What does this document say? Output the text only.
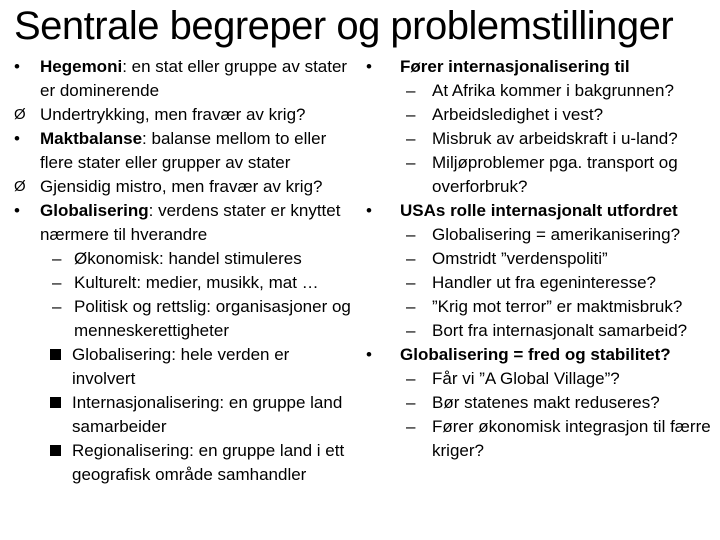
Sentrale begreper og problemstillinger
•	Hegemoni: en stat eller gruppe av stater er dominerende
Ø Undertrykking, men fravær av krig?
•	Maktbalanse: balanse mellom to eller flere stater eller grupper av stater
Ø Gjensidig mistro, men fravær av krig?
•	Globalisering: verdens stater er knyttet nærmere til hverandre
– Økonomisk: handel stimuleres
– Kulturelt: medier, musikk, mat …
– Politisk og rettslig: organisasjoner og menneskerettigheter
Globalisering: hele verden er involvert
Internasjonalisering: en gruppe land samarbeider
Regionalisering: en gruppe land i ett geografisk område samhandler
•	Fører internasjonalisering til
– At Afrika kommer i bakgrunnen?
– Arbeidsledighet i vest?
– Misbruk av arbeidskraft i u-land?
– Miljøproblemer pga. transport og overforbruk?
•	USAs rolle internasjonalt utfordret
– Globalisering = amerikanisering?
– Omstridt ”verdenspoliti”
– Handler ut fra egeninteresse?
– ”Krig mot terror” er maktmisbruk?
– Bort fra internasjonalt samarbeid?
•	Globalisering = fred og stabilitet?
– Får vi ”A Global Village”?
– Bør statenes makt reduseres?
– Fører økonomisk integrasjon til færre kriger?
